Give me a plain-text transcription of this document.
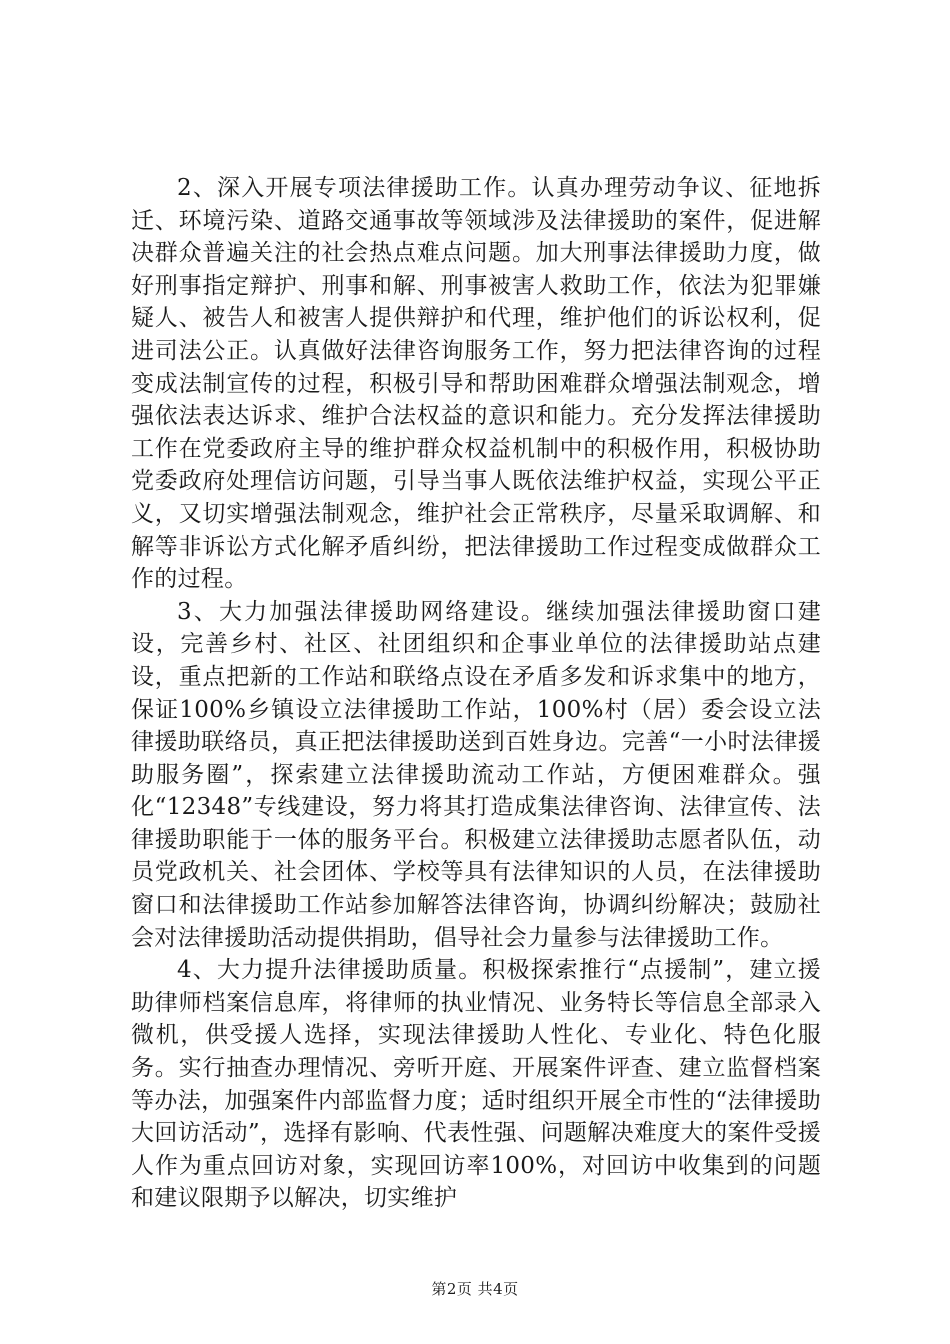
2、深入开展专项法律援助工作。认真办理劳动争议、征地拆迁、环境污染、道路交通事故等领域涉及法律援助的案件，促进解决群众普遍关注的社会热点难点问题。加大刑事法律援助力度，做好刑事指定辩护、刑事和解、刑事被害人救助工作，依法为犯罪嫌疑人、被告人和被害人提供辩护和代理，维护他们的诉讼权利，促进司法公正。认真做好法律咨询服务工作，努力把法律咨询的过程变成法制宣传的过程，积极引导和帮助困难群众增强法制观念，增强依法表达诉求、维护合法权益的意识和能力。充分发挥法律援助工作在党委政府主导的维护群众权益机制中的积极作用，积极协助党委政府处理信访问题，引导当事人既依法维护权益，实现公平正义，又切实增强法制观念，维护社会正常秩序，尽量采取调解、和解等非诉讼方式化解矛盾纠纷，把法律援助工作过程变成做群众工作的过程。

3、大力加强法律援助网络建设。继续加强法律援助窗口建设，完善乡村、社区、社团组织和企事业单位的法律援助站点建设，重点把新的工作站和联络点设在矛盾多发和诉求集中的地方，保证100%乡镇设立法律援助工作站，100%村（居）委会设立法律援助联络员，真正把法律援助送到百姓身边。完善“一小时法律援助服务圈”，探索建立法律援助流动工作站，方便困难群众。强化“12348”专线建设，努力将其打造成集法律咨询、法律宣传、法律援助职能于一体的服务平台。积极建立法律援助志愿者队伍，动员党政机关、社会团体、学校等具有法律知识的人员，在法律援助窗口和法律援助工作站参加解答法律咨询，协调纠纷解决；鼓励社会对法律援助活动提供捐助，倡导社会力量参与法律援助工作。

4、大力提升法律援助质量。积极探索推行“点援制”，建立援助律师档案信息库，将律师的执业情况、业务特长等信息全部录入微机，供受援人选择，实现法律援助人性化、专业化、特色化服务。实行抽查办理情况、旁听开庭、开展案件评查、建立监督档案等办法，加强案件内部监督力度；适时组织开展全市性的“法律援助大回访活动”，选择有影响、代表性强、问题解决难度大的案件受援人作为重点回访对象，实现回访率100%，对回访中收集到的问题和建议限期予以解决，切实维护

第2页 共4页
